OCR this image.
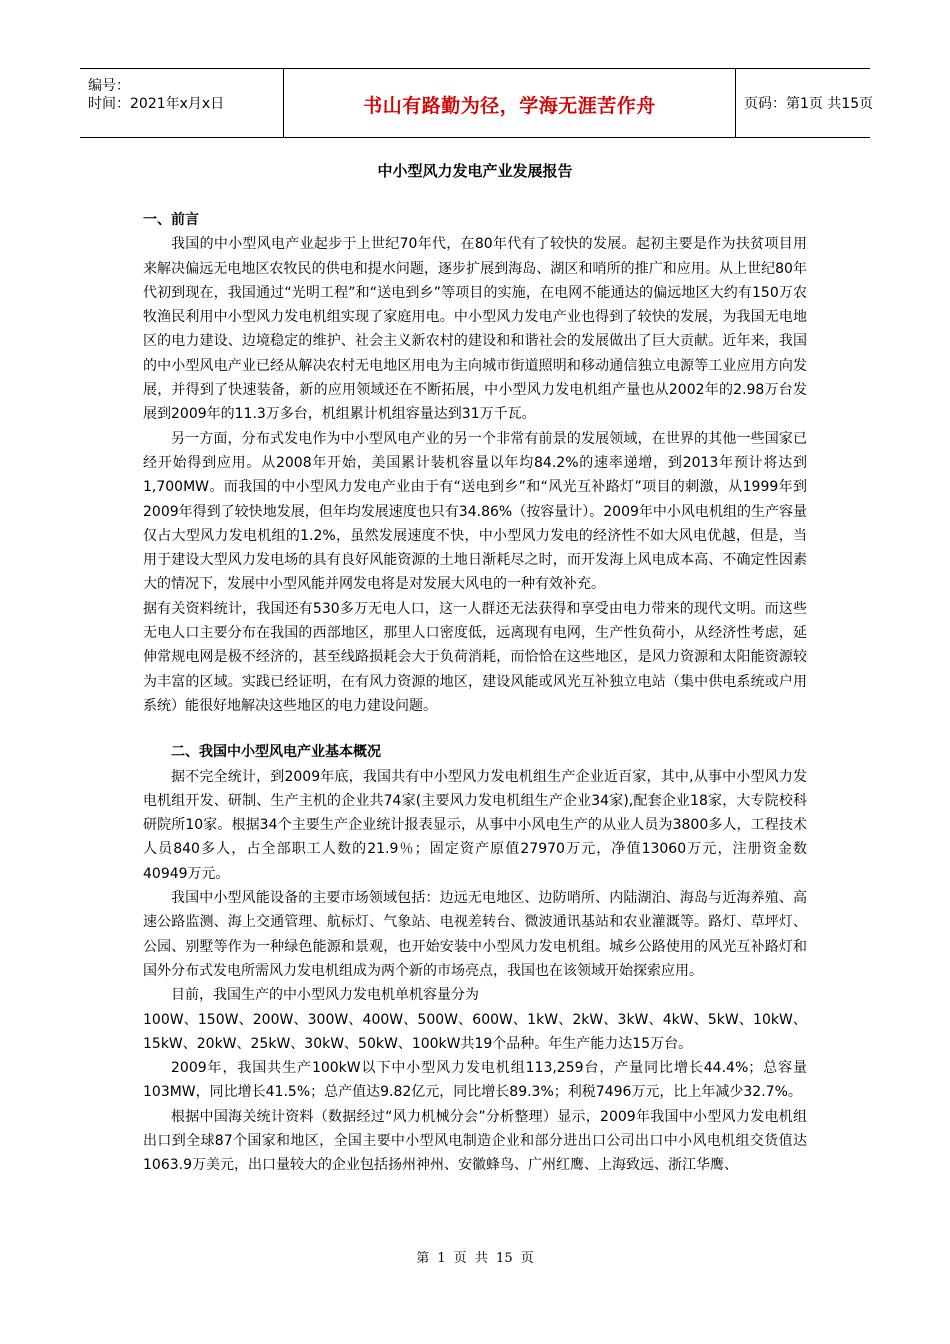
编号：
时间：2021年x月x日	书山有路勤为径，学海无涯苦作舟	页码：第1页 共15页
中小型风力发电产业发展报告
一、前言

我国的中小型风电产业起步于上世纪70年代，在80年代有了较快的发展。起初主要是作为扶贫项目用来解决偏远无电地区农牧民的供电和提水问题，逐步扩展到海岛、湖区和哨所的推广和应用。从上世纪80年代初到现在，我国通过“光明工程”和“送电到乡”等项目的实施，在电网不能通达的偏远地区大约有150万农牧渔民利用中小型风力发电机组实现了家庭用电。中小型风力发电产业也得到了较快的发展，为我国无电地区的电力建设、边境稳定的维护、社会主义新农村的建设和和谐社会的发展做出了巨大贡献。近年来，我国的中小型风电产业已经从解决农村无电地区用电为主向城市街道照明和移动通信独立电源等工业应用方向发展，并得到了快速装备，新的应用领域还在不断拓展，中小型风力发电机组产量也从2002年的2.98万台发展到2009年的11.3万多台，机组累计机组容量达到31万千瓦。

另一方面，分布式发电作为中小型风电产业的另一个非常有前景的发展领域，在世界的其他一些国家已经开始得到应用。从2008年开始，美国累计装机容量以年均84.2%的速率递增，到2013年预计将达到1,700MW。而我国的中小型风力发电产业由于有“送电到乡”和“风光互补路灯”项目的刺激，从1999年到2009年得到了较快地发展，但年均发展速度也只有34.86%（按容量计）。2009年中小风电机组的生产容量仅占大型风力发电机组的1.2%，虽然发展速度不快，中小型风力发电的经济性不如大风电优越，但是，当用于建设大型风力发电场的具有良好风能资源的土地日渐耗尽之时，而开发海上风电成本高、不确定性因素大的情况下，发展中小型风能并网发电将是对发展大风电的一种有效补充。

据有关资料统计，我国还有530多万无电人口，这一人群还无法获得和享受由电力带来的现代文明。而这些无电人口主要分布在我国的西部地区，那里人口密度低，远离现有电网，生产性负荷小，从经济性考虑，延伸常规电网是极不经济的，甚至线路损耗会大于负荷消耗，而恰恰在这些地区，是风力资源和太阳能资源较为丰富的区域。实践已经证明，在有风力资源的地区，建设风能或风光互补独立电站（集中供电系统或户用系统）能很好地解决这些地区的电力建设问题。

二、我国中小型风电产业基本概况

据不完全统计，到2009年底，我国共有中小型风力发电机组生产企业近百家，其中,从事中小型风力发电机组开发、研制、生产主机的企业共74家(主要风力发电机组生产企业34家),配套企业18家，大专院校科研院所10家。根据34个主要生产企业统计报表显示，从事中小风电生产的从业人员为3800多人，工程技术人员840多人，占全部职工人数的21.9％；固定资产原值27970万元，净值13060万元，注册资金数40949万元。

我国中小型风能设备的主要市场领域包括：边远无电地区、边防哨所、内陆湖泊、海岛与近海养殖、高速公路监测、海上交通管理、航标灯、气象站、电视差转台、微波通讯基站和农业灌溉等。路灯、草坪灯、公园、别墅等作为一种绿色能源和景观，也开始安装中小型风力发电机组。城乡公路使用的风光互补路灯和国外分布式发电所需风力发电机组成为两个新的市场亮点，我国也在该领域开始探索应用。

目前，我国生产的中小型风力发电机单机容量分为

100W、150W、200W、300W、400W、500W、600W、1kW、2kW、3kW、4kW、5kW、10kW、15kW、20kW、25kW、30kW、50kW、100kW共19个品种。年生产能力达15万台。

2009年，我国共生产100kW以下中小型风力发电机组113,259台，产量同比增长44.4%；总容量103MW，同比增长41.5%；总产值达9.82亿元，同比增长89.3%；利税7496万元，比上年减少32.7%。

根据中国海关统计资料（数据经过“风力机械分会”分析整理）显示，2009年我国中小型风力发电机组出口到全球87个国家和地区，全国主要中小型风电制造企业和部分进出口公司出口中小风电机组交货值达1063.9万美元，出口量较大的企业包括扬州神州、安徽蜂鸟、广州红鹰、上海致远、浙江华鹰、

第 1 页 共 15 页
